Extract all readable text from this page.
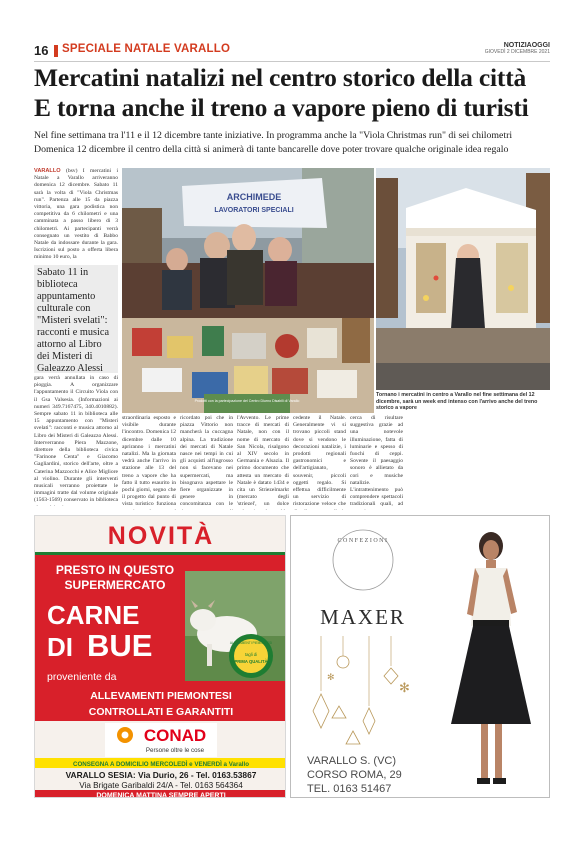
16 SPECIALE NATALE VARALLO	NOTIZIAOGGI
GIOVEDÌ 2 DICEMBRE 2021
Mercatini natalizi nel centro storico della città
E torna anche il treno a vapore pieno di turisti
Nel fine settimana tra l'11 e il 12 dicembre tante iniziative. In programma anche la "Viola Christmas run" di sei chilometri
Domenica 12 dicembre il centro della città si animerà di tante bancarelle dove poter trovare qualche originale idea regalo
VARALLO (bsv) I mercatini i Natale a Varallo arriveranno domenica 12 dicembre. Sabato 11 sarà la volta di "Viola Christmas run". Partenza alle 15 da piazza vittoria, una gara podistica non competitiva da 6 chilometri e una camminata a passo libero di 3 chilometri. Ai partecipanti verrà consegnato un vestito di Babbo Natale da indossare durante la gara. Iscrizioni sul posto a offerta libera minimo 10 euro, la
Sabato 11 in biblioteca appuntamento culturale con "Misteri svelati": racconti e musica attorno al Libro dei Misteri di Galeazzo Alessi
gara verrà annullata in caso di pioggia. A organizzare l'appuntamento il Circuito Viola con il Gsa Valsesia. (Informazioni ai numeri 349.7167475, 340.4010882). Sempre sabato 11 in biblioteca alle 15 appuntamento con "Misteri svelati": racconti e musica attorno al Libro dei Misteri di Galeazzo Alessi. Interverranno Piera Mazzone, direttore della biblioteca civica "Farinone Centa" e Giacomo Gagliardini, storico dell'arte, oltre a Caterina Mazzocchi e Alice Migliore al violino. Durante gli interventi musicali verranno proiettate le immagini tratte dal volume originale (1563-1569) conservato in biblioteca
ARCHIMEDE
LAVORATORI SPECIALI
Prodotti con la partecipazione del Centro Diurno Disabili di Varallo
Tornano i mercatini in centro a Varallo nel fine settimana del 12 dicembre, sarà un week end intenso con l'arrivo anche del treno storico a vapore
straordinaria esposto e visibile durante l'incontro. Domenica 12 dicembre dalle 10 apriranno i mercatini natalizi. Ma la giornata vedrà anche l'arrivo in stazione alle 13 del treno a vapore che ha fatto il tutto esaurito in pochi giorni, segno che il progetto dal punto di vista turistico funziona
ricordato poi che in piazza Vittorio non mancherà la cuccagna alpina. La tradizione dei mercati di Natale nasce nei tempi in cui gli acquisti all'ingrosso non si facevano nei supermercati, ma bisognava aspettare le fiere organizzate in genere in concomitanza con le
l'Avvento. Le prime tracce di mercati di Natale, non con il nome di mercato di San Nicola, risalgono al XIV secolo in Germania e Alsazia. Il primo documento che attesta un mercato di Natale è datato 1434 e cita un Striezelmarkt (mercato degli 'striezel', un dolce
cedente il Natale. Generalmente vi si trovano piccoli stand dove si vendono le decorazioni natalizie, i prodotti regionali gastronomici e dell'artigianato, souvenir, piccoli oggetti regalo. Si effettua difficilmente un servizio di ristorazione veloce che
cerca di risultare suggestiva grazie ad una notevole illuminazione, fatta di luminarie e spesso di fuochi di ceppi. Sovente il paesaggio sonoro è allietato da cori e musiche natalizie. L'intrattenimento può comprendere spettacoli tradizionali quali, ad
NOVITÀ
PRESTO IN QUESTO
SUPERMERCATO
CARNE
DI BUE	ALLEVAMENTI PIEMONTESI
tagli di
PRIMA QUALITÀ
proveniente da
ALLEVAMENTI PIEMONTESI
CONTROLLATI E GARANTITI
CONAD
Persone oltre le cose
CONSEGNA A DOMICILIO MERCOLEDÌ e VENERDÌ a Varallo
VARALLO SESIA: Via Durio, 26 - Tel. 0163.53867
Via Brigate Garibaldi 24/A - Tel. 0163 564364
DOMENICA MATTINA SEMPRE APERTI
✻
✻
CONFEZIONI
MAXER
VARALLO S. (VC)
CORSO ROMA, 29
TEL. 0163 51467
